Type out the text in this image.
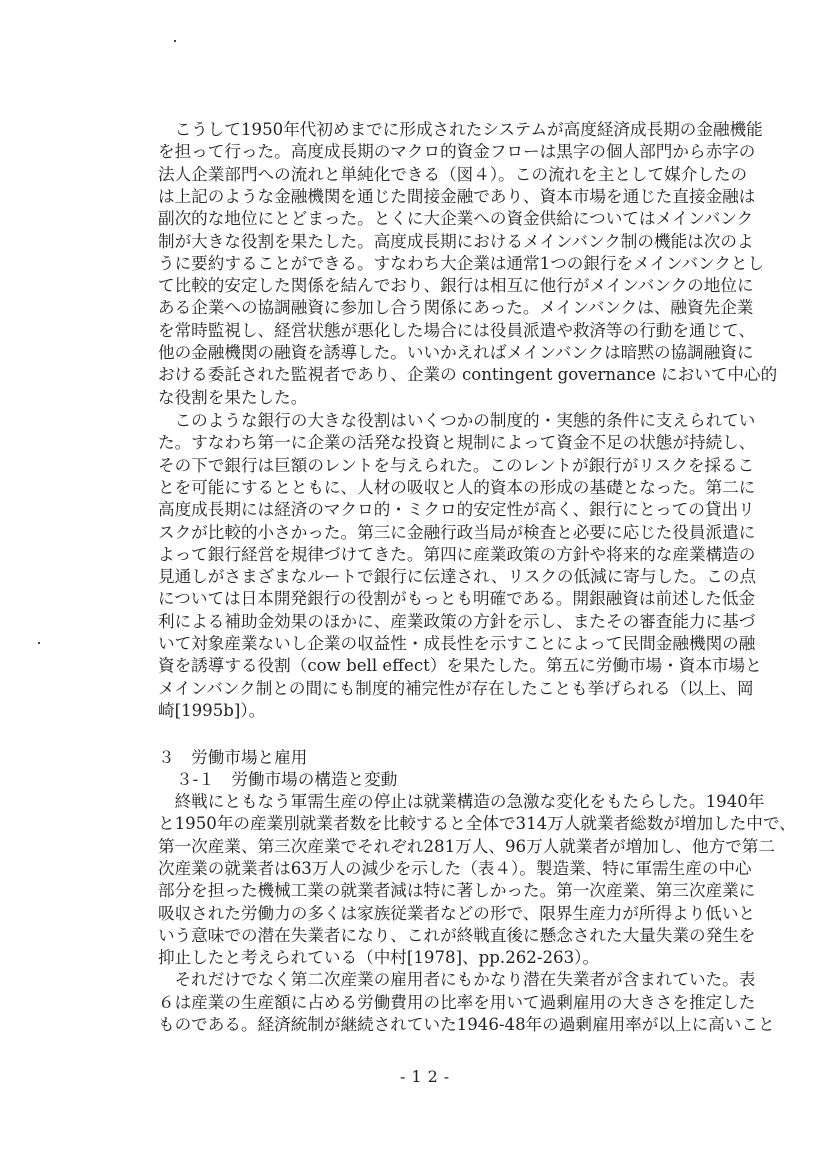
　こうして1950年代初めまでに形成されたシステムが高度経済成長期の金融機能
を担って行った。高度成長期のマクロ的資金フローは黒字の個人部門から赤字の
法人企業部門への流れと単純化できる（図４）。この流れを主として媒介したの
は上記のような金融機関を通じた間接金融であり、資本市場を通じた直接金融は
副次的な地位にとどまった。とくに大企業への資金供給についてはメインバンク
制が大きな役割を果たした。高度成長期におけるメインバンク制の機能は次のよ
うに要約することができる。すなわち大企業は通常1つの銀行をメインバンクとし
て比較的安定した関係を結んでおり、銀行は相互に他行がメインバンクの地位に
ある企業への協調融資に参加し合う関係にあった。メインバンクは、融資先企業
を常時監視し、経営状態が悪化した場合には役員派遣や救済等の行動を通じて、
他の金融機関の融資を誘導した。いいかえればメインバンクは暗黙の協調融資に
おける委託された監視者であり、企業の contingent governance において中心的
な役割を果たした。
　このような銀行の大きな役割はいくつかの制度的・実態的条件に支えられてい
た。すなわち第一に企業の活発な投資と規制によって資金不足の状態が持続し、
その下で銀行は巨額のレントを与えられた。このレントが銀行がリスクを採るこ
とを可能にするとともに、人材の吸収と人的資本の形成の基礎となった。第二に
高度成長期には経済のマクロ的・ミクロ的安定性が高く、銀行にとっての貸出リ
スクが比較的小さかった。第三に金融行政当局が検査と必要に応じた役員派遣に
よって銀行経営を規律づけてきた。第四に産業政策の方針や将来的な産業構造の
見通しがさまざまなルートで銀行に伝達され、リスクの低減に寄与した。この点
については日本開発銀行の役割がもっとも明確である。開銀融資は前述した低金
利による補助金効果のほかに、産業政策の方針を示し、またその審査能力に基づ
いて対象産業ないし企業の収益性・成長性を示すことによって民間金融機関の融
資を誘導する役割（cow bell effect）を果たした。第五に労働市場・資本市場と
メインバンク制との間にも制度的補完性が存在したことも挙げられる（以上、岡
崎[1995b]）。
３　労働市場と雇用
３-１　労働市場の構造と変動
　終戦にともなう軍需生産の停止は就業構造の急激な変化をもたらした。1940年
と1950年の産業別就業者数を比較すると全体で314万人就業者総数が増加した中で、
第一次産業、第三次産業でそれぞれ281万人、96万人就業者が増加し、他方で第二
次産業の就業者は63万人の減少を示した（表４）。製造業、特に軍需生産の中心
部分を担った機械工業の就業者減は特に著しかった。第一次産業、第三次産業に
吸収された労働力の多くは家族従業者などの形で、限界生産力が所得より低いと
いう意味での潜在失業者になり、これが終戦直後に懸念された大量失業の発生を
抑止したと考えられている（中村[1978]、pp.262-263）。
　それだけでなく第二次産業の雇用者にもかなり潜在失業者が含まれていた。表
６は産業の生産額に占める労働費用の比率を用いて過剰雇用の大きさを推定した
ものである。経済統制が継続されていた1946-48年の過剰雇用率が以上に高いこと
-12-
